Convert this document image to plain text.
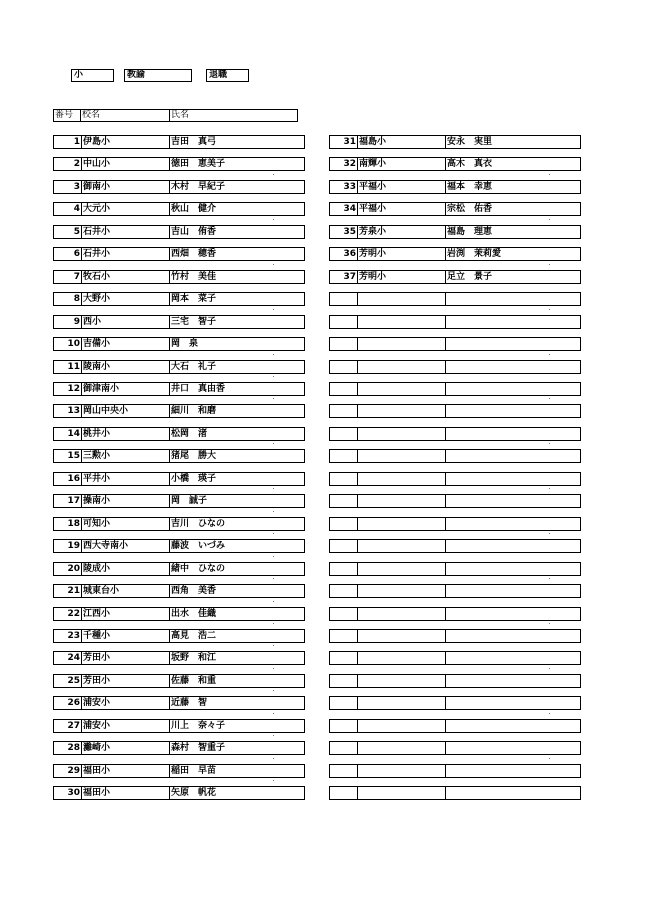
小	教諭	退職
番号 校名	氏名
1 伊島小	吉田　真弓
2 中山小	徳田　恵美子
3 御南小	木村　早紀子
4 大元小	秋山　健介
5 石井小	吉山　侑香
6 石井小	西畑　穂香
7 牧石小	竹村　美佳
8 大野小	岡本　菜子
9 西小	三宅　智子
10 吉備小	岡　泉
11 陵南小	大石　礼子
12 御津南小	井口　真由香
13 岡山中央小	細川　和磨
14 桃井小	松岡　渚
15 三勲小	猪尾　勝大
16 平井小	小橋　瑛子
17 操南小	岡　誠子
18 可知小	吉川　ひなの
19 西大寺南小	藤波　いづみ
20 陵成小	緒中　ひなの
21 城東台小	西角　美香
22 江西小	出水　佳織
23 千種小	高見　浩二
24 芳田小	坂野　和江
25 芳田小	佐藤　和重
26 浦安小	近藤　智
27 浦安小	川上　奈々子
28 灘崎小	森村　智重子
29 福田小	稲田　早苗
30 福田小	矢原　帆花
31 福島小	安永　実里
32 南輝小	高木　真衣
33 平福小	福本　幸恵
34 平福小	宗松　佑香
35 芳泉小	福島　理恵
36 芳明小	岩渕　茉莉愛
37 芳明小	足立　景子
